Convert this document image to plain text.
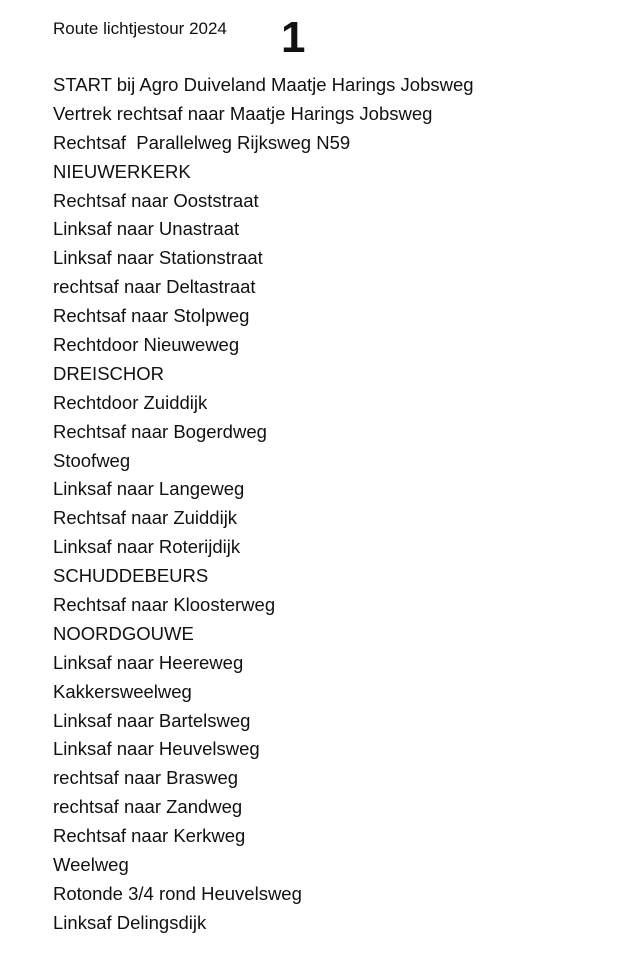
Route lichtjestour 2024 1
START bij Agro Duiveland Maatje Harings Jobsweg
Vertrek rechtsaf naar Maatje Harings Jobsweg
Rechtsaf  Parallelweg Rijksweg N59
NIEUWERKERK
Rechtsaf naar Ooststraat
Linksaf naar Unastraat
Linksaf naar Stationstraat
rechtsaf naar Deltastraat
Rechtsaf naar Stolpweg
Rechtdoor Nieuweweg
DREISCHOR
Rechtdoor Zuiddijk
Rechtsaf naar Bogerdweg
Stoofweg
Linksaf naar Langeweg
Rechtsaf naar Zuiddijk
Linksaf naar Roterijdijk
SCHUDDEBEURS
Rechtsaf naar Kloosterweg
NOORDGOUWE
Linksaf naar Heereweg
Kakkersweelweg
Linksaf naar Bartelsweg
Linksaf naar Heuvelsweg
rechtsaf naar Brasweg
rechtsaf naar Zandweg
Rechtsaf naar Kerkweg
Weelweg
Rotonde 3/4 rond Heuvelsweg
Linksaf Delingsdijk
